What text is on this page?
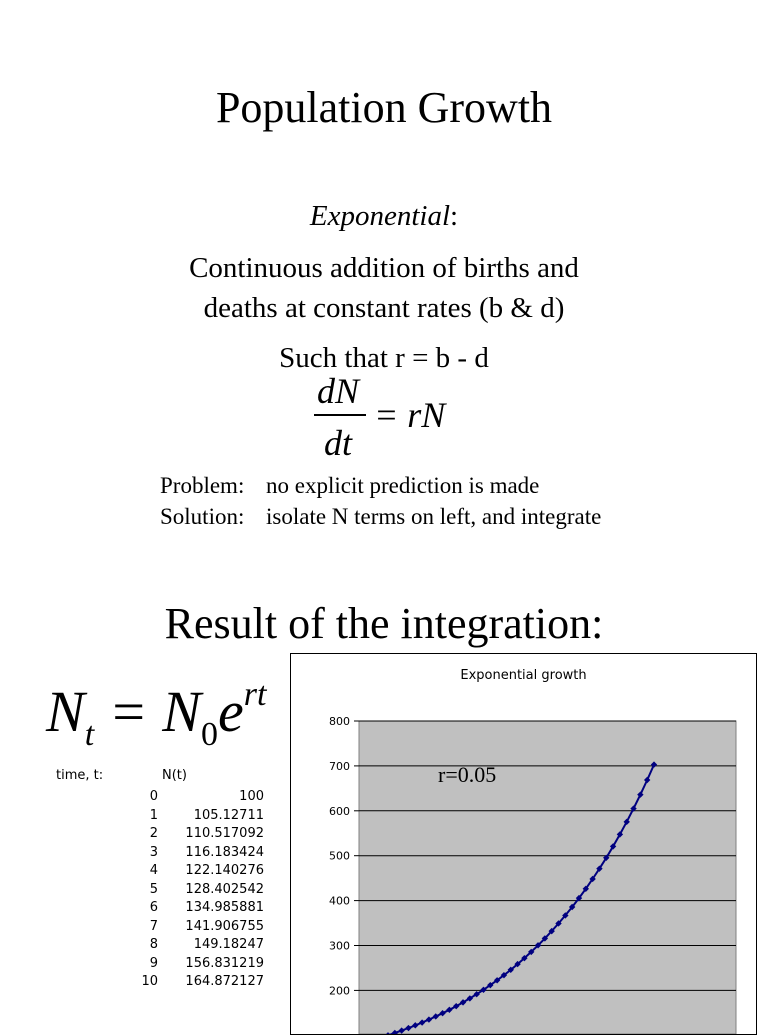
Population Growth
Exponential:
Continuous addition of births and
deaths at constant rates (b & d)
Such that r = b - d
dN
dt
= rN
Problem: no explicit prediction is made
Solution: isolate N terms on left, and integrate
Result of the integration:
$N_t = N_0e^{rt}$
time, t:	N(t)
0	100
1	105.12711
2	110.517092
3	116.183424
4	122.140276
5	128.402542
6	134.985881
7	141.906755
8	149.18247
9	156.831219
10	164.872127
Exponential growth
800
700
600
500
400
300
200
r=0.05
